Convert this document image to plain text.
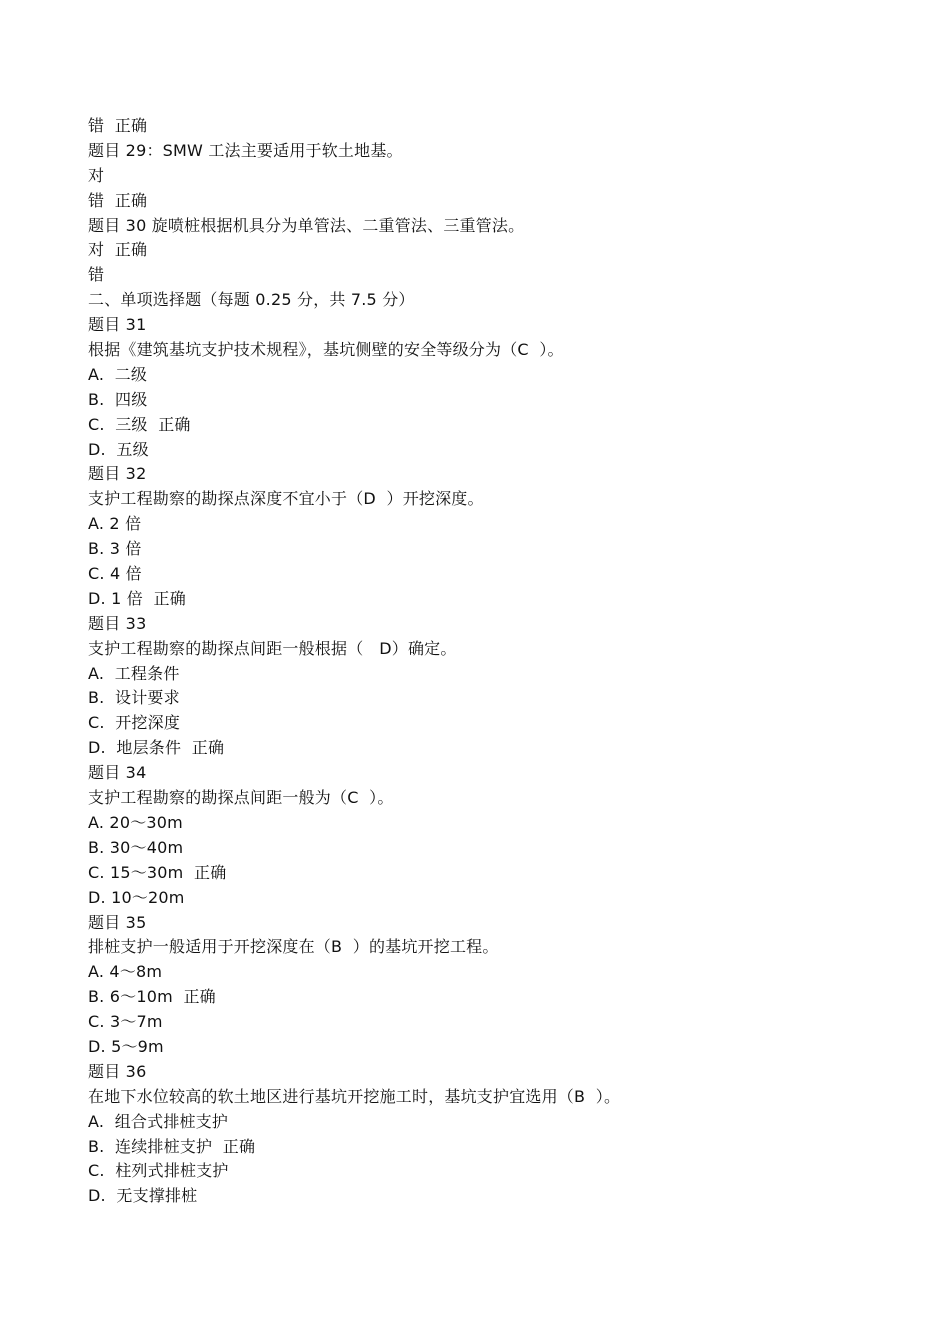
错  正确
题目 29：SMW 工法主要适用于软土地基。
对
错  正确
题目 30 旋喷桩根据机具分为单管法、二重管法、三重管法。
对  正确
错
二、单项选择题（每题 0.25 分，共 7.5 分）
题目 31
根据《建筑基坑支护技术规程》，基坑侧壁的安全等级分为（C  ）。
A.  二级
B.  四级
C.  三级  正确
D.  五级
题目 32
支护工程勘察的勘探点深度不宜小于（D  ）开挖深度。
A. 2 倍
B. 3 倍
C. 4 倍
D. 1 倍  正确
题目 33
支护工程勘察的勘探点间距一般根据（   D）确定。
A.  工程条件
B.  设计要求
C.  开挖深度
D.  地层条件  正确
题目 34
支护工程勘察的勘探点间距一般为（C  ）。
A. 20～30m
B. 30～40m
C. 15～30m  正确
D. 10～20m
题目 35
排桩支护一般适用于开挖深度在（B  ）的基坑开挖工程。
A. 4～8m
B. 6～10m  正确
C. 3～7m
D. 5～9m
题目 36
在地下水位较高的软土地区进行基坑开挖施工时，基坑支护宜选用（B  ）。
A.  组合式排桩支护
B.  连续排桩支护  正确
C.  柱列式排桩支护
D.  无支撑排桩
